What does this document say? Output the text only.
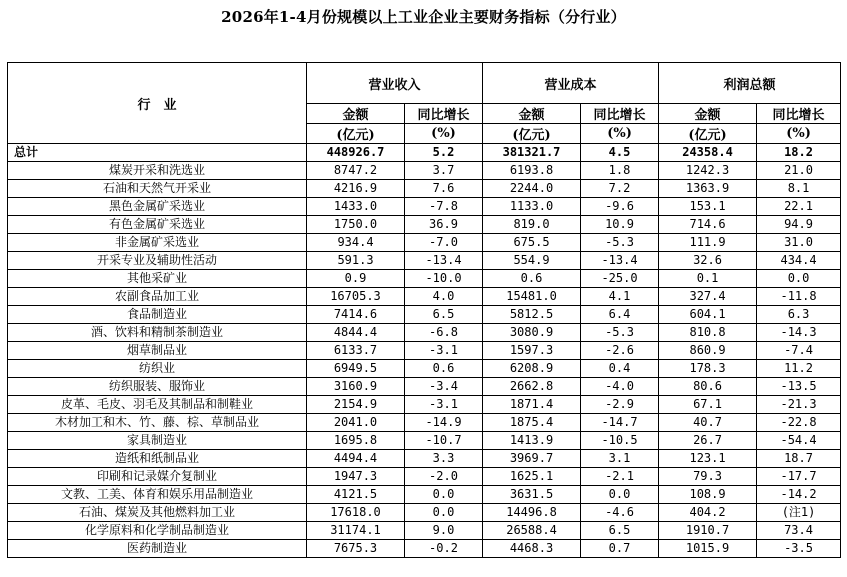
2026年1-4月份规模以上工业企业主要财务指标（分行业）
行　业	营业收入		营业成本		利润总额	
	金额	同比增长	金额	同比增长	金额	同比增长
	(亿元)	(%)	(亿元)	(%)	(亿元)	(%)
总计	448926.7	5.2	381321.7	4.5	24358.4	18.2
煤炭开采和洗选业	8747.2	3.7	6193.8	1.8	1242.3	21.0
石油和天然气开采业	4216.9	7.6	2244.0	7.2	1363.9	8.1
黑色金属矿采选业	1433.0	-7.8	1133.0	-9.6	153.1	22.1
有色金属矿采选业	1750.0	36.9	819.0	10.9	714.6	94.9
非金属矿采选业	934.4	-7.0	675.5	-5.3	111.9	31.0
开采专业及辅助性活动	591.3	-13.4	554.9	-13.4	32.6	434.4
其他采矿业	0.9	-10.0	0.6	-25.0	0.1	0.0
农副食品加工业	16705.3	4.0	15481.0	4.1	327.4	-11.8
食品制造业	7414.6	6.5	5812.5	6.4	604.1	6.3
酒、饮料和精制茶制造业	4844.4	-6.8	3080.9	-5.3	810.8	-14.3
烟草制品业	6133.7	-3.1	1597.3	-2.6	860.9	-7.4
纺织业	6949.5	0.6	6208.9	0.4	178.3	11.2
纺织服装、服饰业	3160.9	-3.4	2662.8	-4.0	80.6	-13.5
皮革、毛皮、羽毛及其制品和制鞋业	2154.9	-3.1	1871.4	-2.9	67.1	-21.3
木材加工和木、竹、藤、棕、草制品业	2041.0	-14.9	1875.4	-14.7	40.7	-22.8
家具制造业	1695.8	-10.7	1413.9	-10.5	26.7	-54.4
造纸和纸制品业	4494.4	3.3	3969.7	3.1	123.1	18.7
印刷和记录媒介复制业	1947.3	-2.0	1625.1	-2.1	79.3	-17.7
文教、工美、体育和娱乐用品制造业	4121.5	0.0	3631.5	0.0	108.9	-14.2
石油、煤炭及其他燃料加工业	17618.0	0.0	14496.8	-4.6	404.2	(注1)
化学原料和化学制品制造业	31174.1	9.0	26588.4	6.5	1910.7	73.4
医药制造业	7675.3	-0.2	4468.3	0.7	1015.9	-3.5
